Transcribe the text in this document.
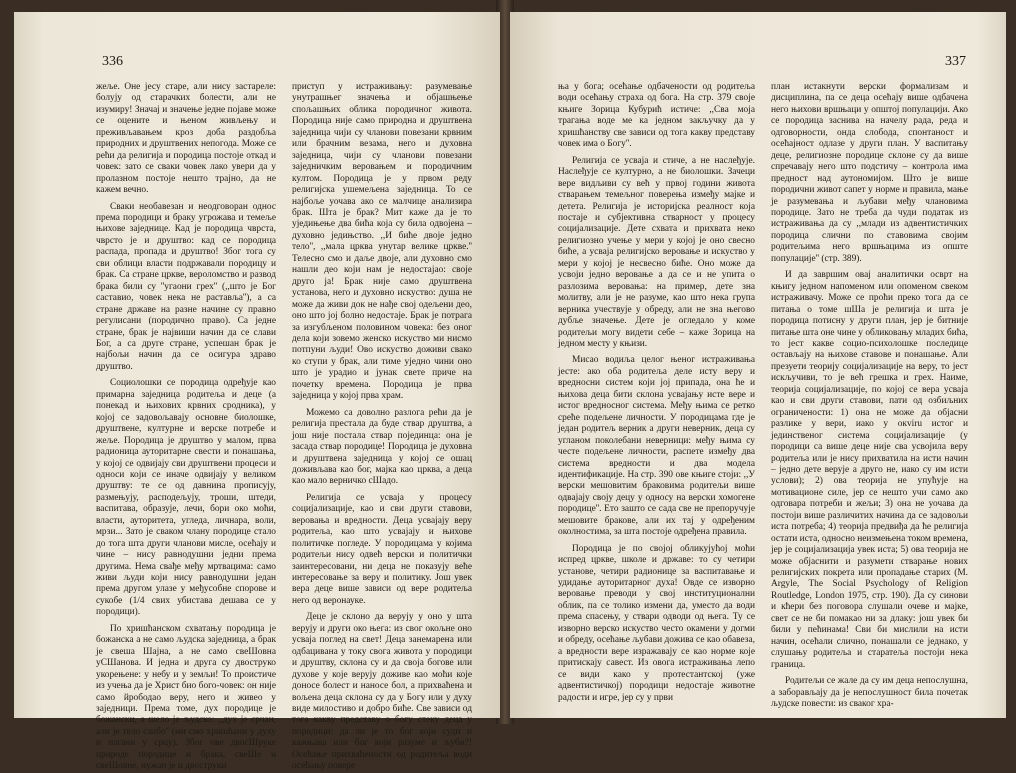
336

жеље. Оне јесу старе, али нису застареле: болују од старачких болести, али не изумиру! Значај и значење једне појаве може се оцените и њеном живљењу и преживљавањем кроз доба раздобља природних и друштвених непогода. Може се рећи да религија и породица постоје откад и човек: зато се сваки човек лако увери да у пролазном постоје нешто трајно, да не кажем вечно.

Сваки необавезан и неодговоран однос према породици и браку угрожава и темеље њихове заједнице. Кад је породица чврста, чврсто је и друштво: кад се породица распада, пропада и друштво! Због тога су сви облици власти подржавали породицу и брак. Са стране цркве, вероломство и развод брака били су ''угаони грех'' (,,што је Бог саставио, човек нека не раставља''), а са стране државе на разне начине су правно регулисани (породично право). Са једне стране, брак је највиши начин да се слави Бог, а са друге стране, успешан брак је најбољи начин да се осигура здраво друштво.

Социолошки се породица одређује као примарна заједница родитеља и деце (а понекад и њихових крвних сродника), у којој се задовољавају основне биолошке, друштвене, културне и верске потребе и жеље. Породица је друштво у малом, прва радионица ауторитарне свести и понашања, у којој се одвијају сви друштвени процеси и односи који се иначе одвијају у великом друштву: те се од давнина прописују, размењују, расподељују, троши, штеди, васпитава, образује, лечи, бори око моћи, власти, ауторитета, угледа, личнара, воли, мрзи... Зато је сваком члану породице стало до тога шта други чланови мисле, осећају и чине – нису равнодушни једни према другима. Нема свађе међу мртвацима: само живи људи који нису равнодушни један према другом улазе у међусобне спорове и сукобе (1/4 свих убистава дешава се у породици).

По хришћанском схватању породица је божанска а не само људска заједница, а брак је свеша Шајна, а не само свеШовна уСШанова. И једна и друга су двоструко укорењене: у небу и у земљи! То проистиче из учења да је Христ био бого-човек: он није само йрободао веру, него и живео у заједници. Према томе, дух породице је божански, а шело је људско: ,,дух је срчан, али је тело слабо'' (ми смо хришћани у духу и пагани у срцу). Због ове двосШруке природе породице и брака, свеШе и свеШовне, нужан је и двоструки

приступ у истраживању: разумевање унутрашњег значења и објашњење спољашњих облика породичног живота. Породица није само природна и друштвена заједница чији су чланови повезани крвним или брачним везама, него и духовна заједница, чији су чланови повезани заједничким веровањем и породичним култом. Породица је у првом реду религијска ушемељена заједница. То се најбоље уочава ако се малчице анализира брак. Шта је брак? Мит каже да је то уједињење два бића која су била одвојена – духовно једињство. ,,И биће двоје једно тело'', ,,мала црква унутар велике цркве.'' Телесно смо и даље двоје, али духовно смо нашли део који нам је недостајао: своје друго ја! Брак није само друштвена установа, него и духовно искуство: душа не може да живи док не нађе свој одељени део, оно што јој болно недостаје. Брак је потрага за изгубљеном половином човека: без оног дела који зовемо женско искуство ми нисмо потпуни људи! Ово искуство доживи свако ко ступи у брак, али тиме уједно чини оно што је урадио и јунак свете приче на почетку времена. Породица је прва заједница у којој прва храм.

Можемо са доволно разлога рећи да је религија престала да буде ствар друштва, а још није постала ствар појединца: она је засада ствар породице! Породица је духовна и друштвена заједница у којој се ошац доживљава као бог, мајка као црква, а деца као мало верничко сШадо.

Религија се усваја у процесу социјализације, као и сви други ставови, веровања и вредности. Деца усвајају веру родитеља, као што усвајају и њихове политичке погледе. У породицама у којима родитељи нису одвећ верски и политички заинтересовани, ни деца не показују веће интересовање за веру и политику. Још увек вера деце више зависи од вере родитеља него од веронауке.

Деце је склоно да верују у оно у шта верују и други око њега: из свог окољне оно усваја поглед на свет! Деца занемарена или одбацивана у току свога живота у породици и друштву, склона су и да своја богове или духове у које верују доживе као моћи које доносе болест и наносе бол, а прихваћена и вољена деца склона су да у Богу или у духу виде милостиво и добро биће. Све зависи од тога какву представу о богу стеку деца у породици: да ли је то бог који суди и кажњава или бог који разуме и љуби?! Осећање прихваћености од родитеља води осећању повере

337

ња у бога; осећање одбачености од родитеља води осећању страха од бога. На стр. 379 своје књиге Зорица Кубурић истиче: ,,Сва моја трагања воде ме ка једном закључку да у хришћанству све зависи од тога какву представу човек има о Богу''.

Религија се усваја и стиче, а не наслеђује. Наслеђује се културно, а не биолошки. Зачеци вере видљиви су већ у првој години живота стварањем темељног поверења између мајке и детета. Религија је историјска реалност која постаје и субјективна стварност у процесу социјализације. Дете схвата и прихвата неко религиозно учење у мери у којој је оно свесно биће, а усваја религијско веровање и искуство у мери у којој је несвесно биће. Оно може да усвоји једно веровање а да се и не упита о разлозима веровања: на пример, дете зна молитву, али је не разуме, као што нека група верника учествује у обреду, али не зна његово дубље значење. Дете је огледало у коме родитељи могу видети себе – каже Зорица на једном месту у књизи.

Мисао водиља целог њеног истраживања јесте: ако оба родитеља деле исту веру и вредносни систем који јој припада, она ће и њихова деца бити склона усвајању исте вере и истог вредносног система. Међу њима се ретко среће подељене личности. У породицама где је један родитељ верник а други неверник, деца су угланом поколебани неверници: међу њима су честе подељене личности, распете између два система вредности и два модела идентификације. На стр. 390 ове књиге стоји: ,,У верски мешовитим браковима родитељи више одвајају своју децу у односу на верски хомогене породице''. Ето зашто се сада све не препоручује мешовите браковe, али их тај у одређеним околностима, за шта постоје одређена правила.

Породица је по својој обликујућој моћи испред цркве, школе и државе: то су четири установе, четири радионице за васпитавање и удидање ауторитарног духа! Овде се изворно веровање преводи у свој институционални облик, па се толико измени да, уместо да води према спасењу, у ствари одводи од њега. Ту се изворно верско искуство често окамени у догми и обреду, осећање љубави дожива се као обавеза, а вредности вере изражавају се као норме које притискају савест. Из овога истраживања лепо се види како у протестантској (уже адвентистичкој) породици недостаје животне радости и игре, јер су у први

план истакнути верски формализам и дисциплина, па се деца осећају више одбачена него њихови вршњаци у општој популацији. Ако се породица заснива на начелу рада, реда и одговорности, онда слобода, спонтаност и осећајност одлазе у други план. У васпитању деце, религиозне породице склоне су да више спречавају него што подстичу – контрола има предност над аутономијом. Што је више породични живот сапет у норме и правила, мање је разумевања и љубави међу члановима породице. Зато не треба да чуди податак из истраживања да су ,,млади из адвентистичких породица слични по ставовима својим родитељима него вршњацима из опште популације'' (стр. 389).

И да завршим овај аналитички осврт на књигу једном напоменом или опоменом свеком истраживачу. Може се проћи преко тога да се питања о томе шШа је религија и шта је породица потисну у други план, јер је битније питање шта оне чине у обликовању младих бића, то јест какве социо-психолошке последице остављају на њихове ставове и понашање. Али презуети теорију социјализације на веру, то јест искључиви, то је већ грешка и грех. Наиме, теорија социјализације, по којој се вера усваја као и сви други ставови, пати од озбиљних ограничености: 1) она не може да објасни разлике у вери, иако у окviru истог и јединственог система социјализације (у породици са више деце није сва усвојила веру родитеља или је нису прихватила на исти начин – једно дете верује а друго не, иако су им исти услови); 2) ова теорија не упућује на мотивационе силе, јер се нешто учи само ако одговара потреби и жељи; 3) она не уочава да постоји више различитих начина да се задовољи иста потреба; 4) теорија предвиђа да ће религија остати иста, односно неизмењена током времена, јер је социјализација увек иста; 5) ова теорија не може објаснити и разумети стварање нових религијских покрета или пропадање старих (M. Argyle, The Social Psychology of Religion Routledge, London 1975, стр. 190). Да су синови и кћери без поговора слушали очеве и мајке, свет се не би помакао ни за длаку: још увек би били у пећинама! Сви би мислили на исти начин, осећали слично, понашали се једнако, у слушању родитеља и старатеља постоји нека граница.

Родитељи се жале да су им деца непослушна, а заборављају да је непослушност била почетак људске повести: из сваког хра-
